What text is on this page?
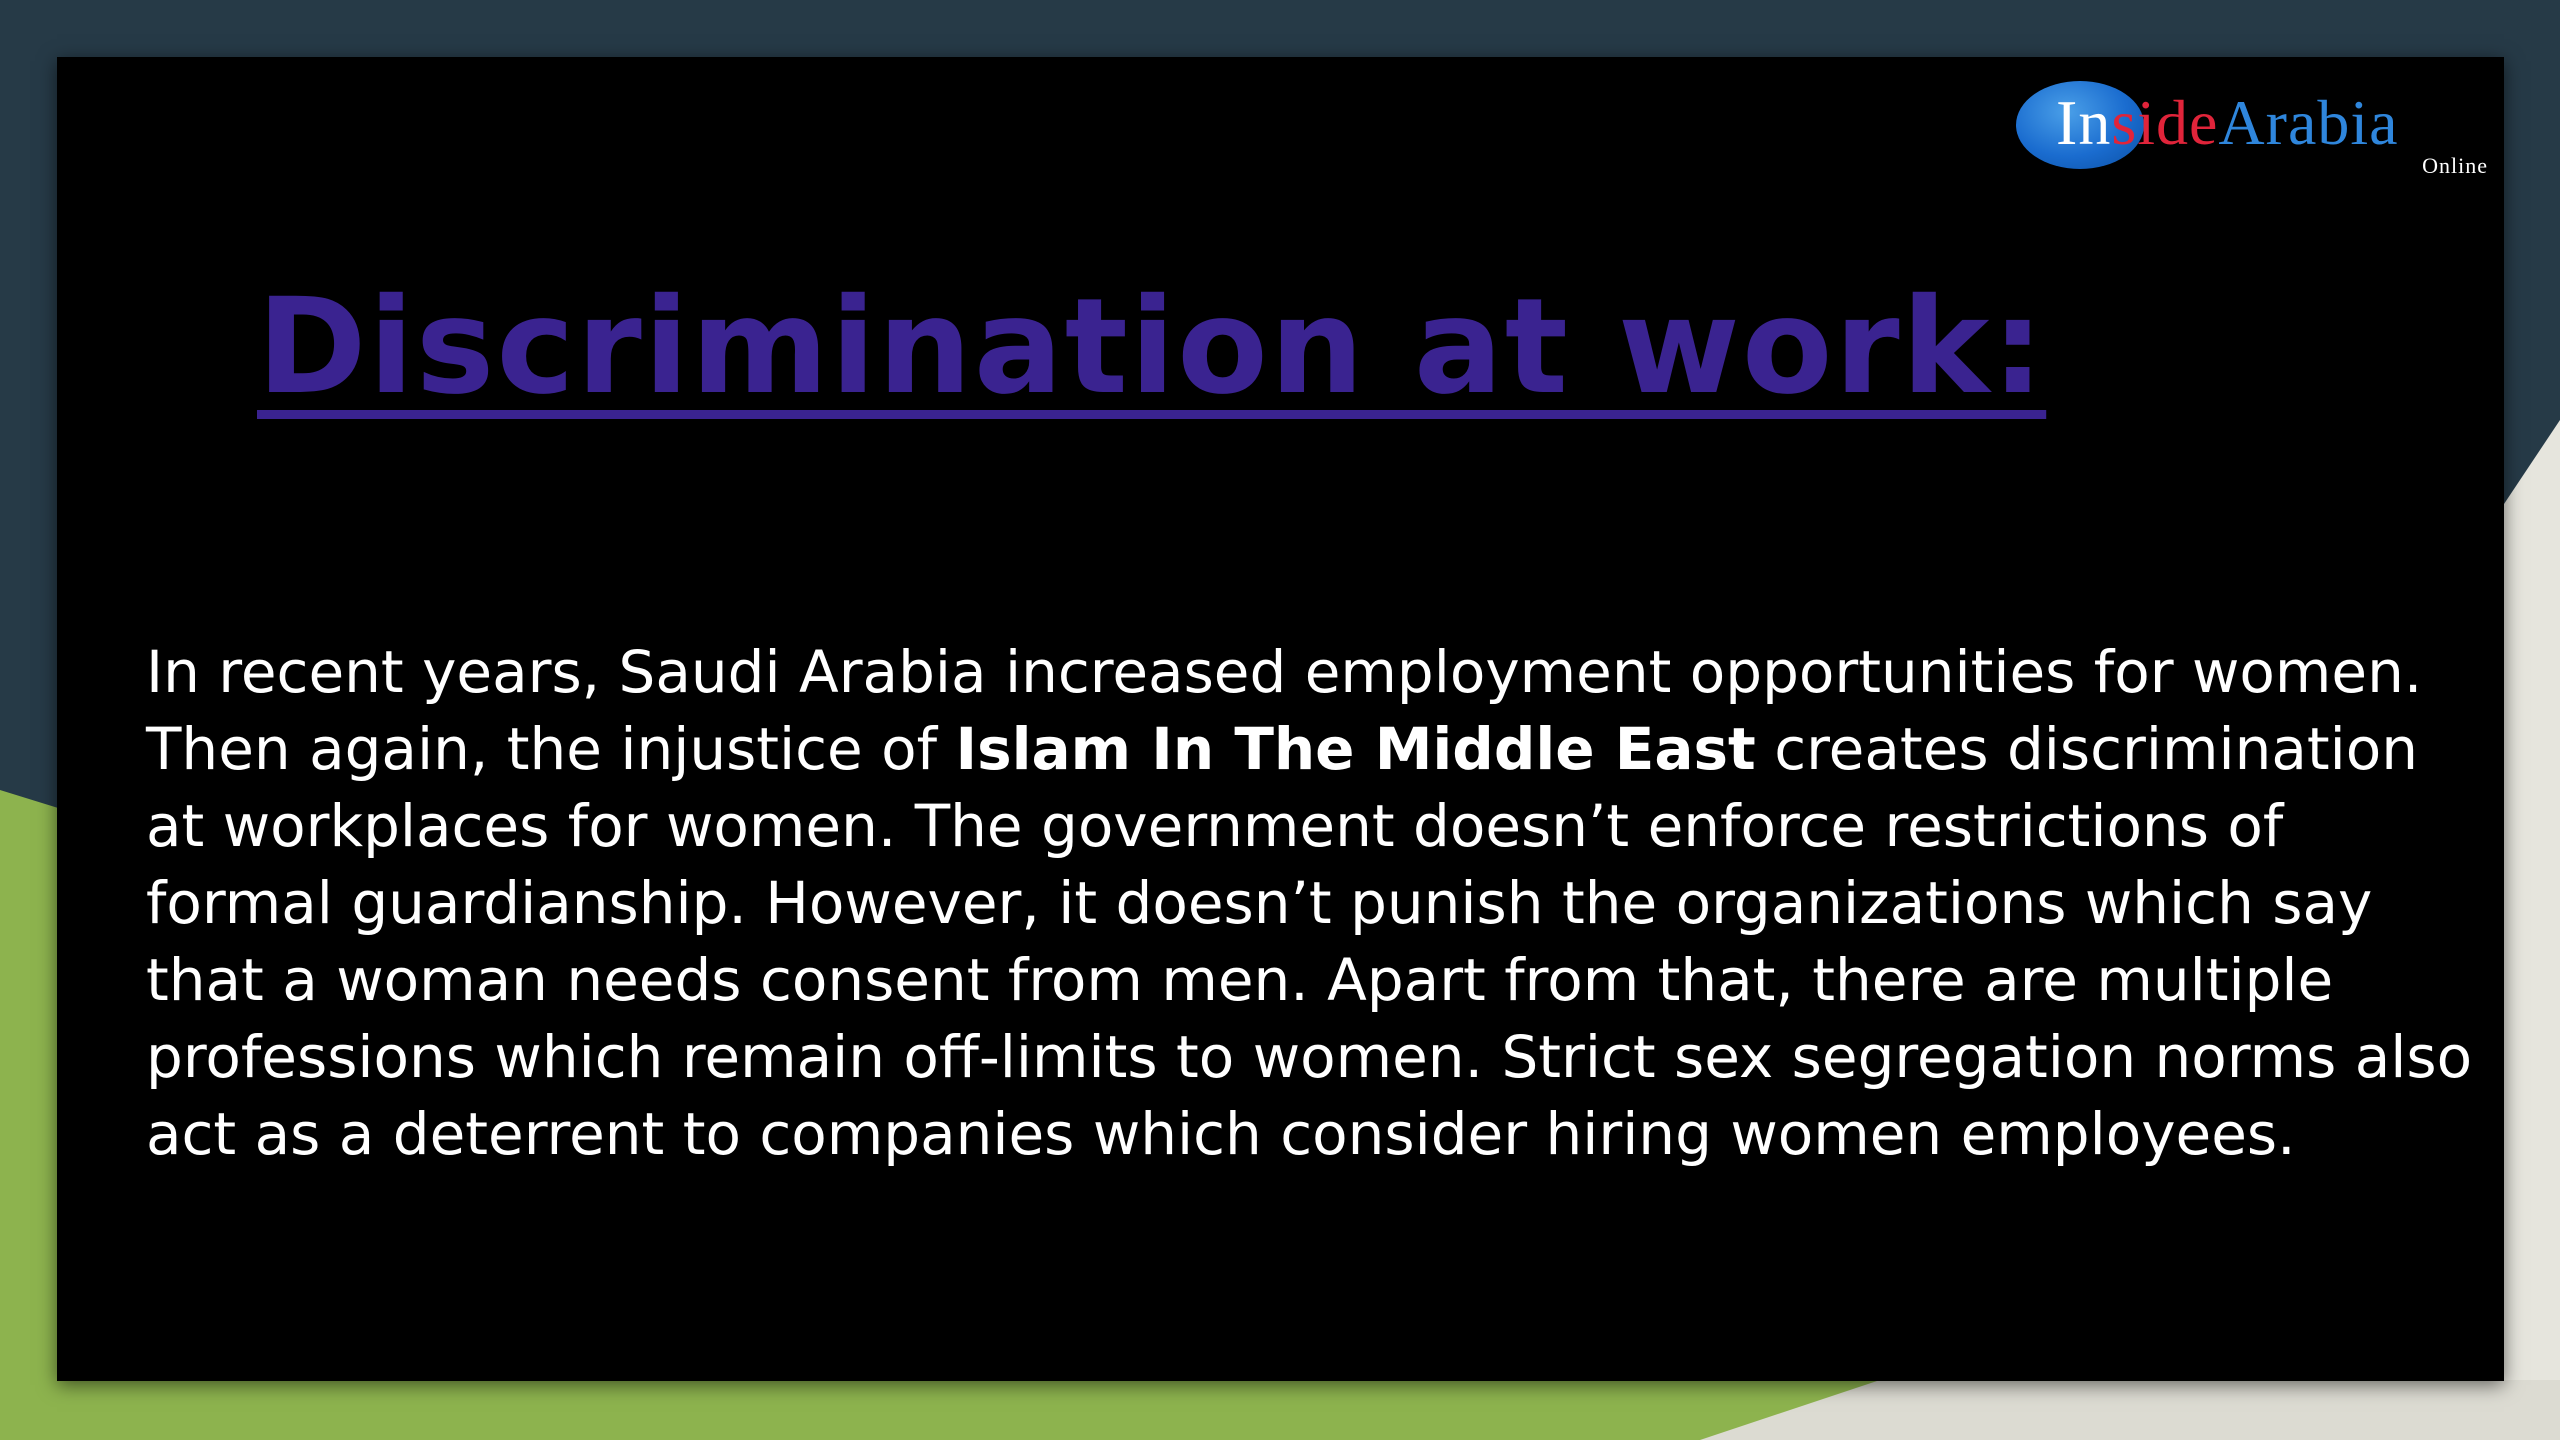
InsideArabia
Online
Discrimination at work:

In recent years, Saudi Arabia increased employment opportunities for women. Then again, the injustice of Islam In The Middle East creates discrimination at workplaces for women. The government doesn’t enforce restrictions of formal guardianship. However, it doesn’t punish the organizations which say that a woman needs consent from men. Apart from that, there are multiple professions which remain off-limits to women. Strict sex segregation norms also act as a deterrent to companies which consider hiring women employees.
